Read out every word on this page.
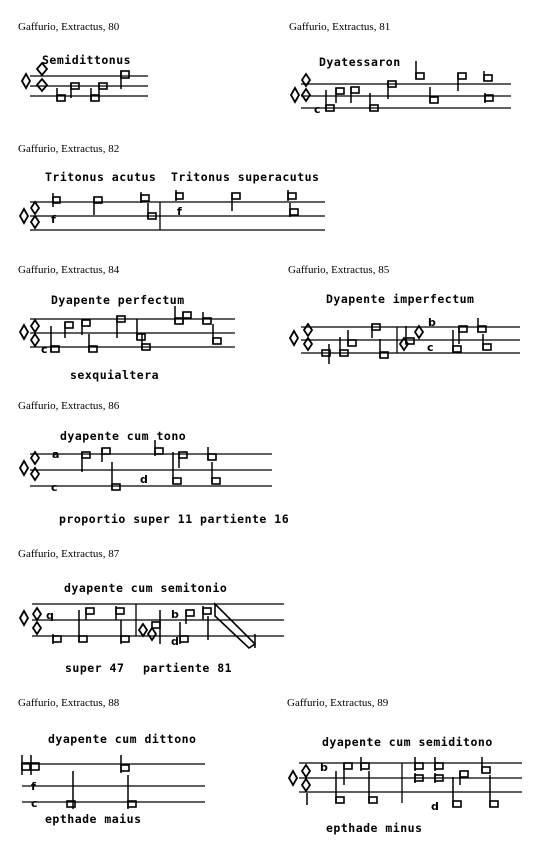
Gaffurio, Extractus, 80
Semidittonus
Gaffurio, Extractus, 81
Dyatessaron
c
Gaffurio, Extractus, 82
Tritonus acutus Tritonus superacutus
f
f
Gaffurio, Extractus, 84
Dyapente perfectum
sexquialtera
c
Gaffurio, Extractus, 85
Dyapente imperfectum
b
c
Gaffurio, Extractus, 86
dyapente cum tono
proportio super 11 partiente 16
a
c
d
Gaffurio, Extractus, 87
dyapente cum semitonio
super 47 partiente 81
q	b
d
Gaffurio, Extractus, 88
dyapente cum dittono
epthade maius
f
c
Gaffurio, Extractus, 89
dyapente cum semiditono
epthade minus
b
d
